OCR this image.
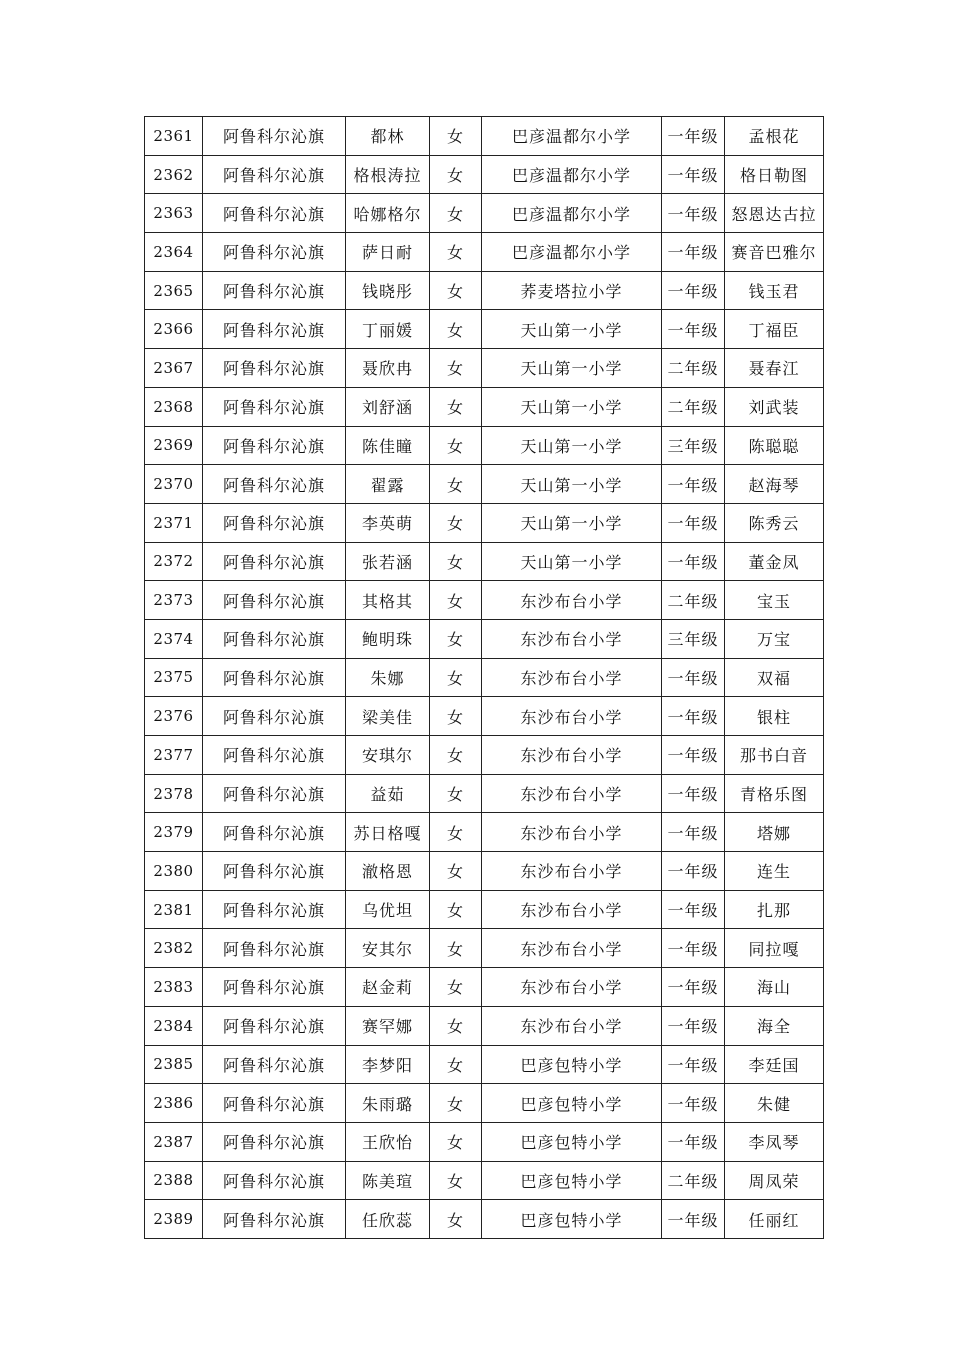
2361	阿鲁科尔沁旗	都林	女	巴彦温都尔小学	一年级	孟根花
2362	阿鲁科尔沁旗	格根涛拉	女	巴彦温都尔小学	一年级	格日勒图
2363	阿鲁科尔沁旗	哈娜格尔	女	巴彦温都尔小学	一年级	怒恩达古拉
2364	阿鲁科尔沁旗	萨日耐	女	巴彦温都尔小学	一年级	赛音巴雅尔
2365	阿鲁科尔沁旗	钱晓彤	女	荞麦塔拉小学	一年级	钱玉君
2366	阿鲁科尔沁旗	丁丽媛	女	天山第一小学	一年级	丁福臣
2367	阿鲁科尔沁旗	聂欣冉	女	天山第一小学	二年级	聂春江
2368	阿鲁科尔沁旗	刘舒涵	女	天山第一小学	二年级	刘武装
2369	阿鲁科尔沁旗	陈佳瞳	女	天山第一小学	三年级	陈聪聪
2370	阿鲁科尔沁旗	翟露	女	天山第一小学	一年级	赵海琴
2371	阿鲁科尔沁旗	李英萌	女	天山第一小学	一年级	陈秀云
2372	阿鲁科尔沁旗	张若涵	女	天山第一小学	一年级	董金凤
2373	阿鲁科尔沁旗	其格其	女	东沙布台小学	二年级	宝玉
2374	阿鲁科尔沁旗	鲍明珠	女	东沙布台小学	三年级	万宝
2375	阿鲁科尔沁旗	朱娜	女	东沙布台小学	一年级	双福
2376	阿鲁科尔沁旗	梁美佳	女	东沙布台小学	一年级	银柱
2377	阿鲁科尔沁旗	安琪尔	女	东沙布台小学	一年级	那书白音
2378	阿鲁科尔沁旗	益茹	女	东沙布台小学	一年级	青格乐图
2379	阿鲁科尔沁旗	苏日格嘎	女	东沙布台小学	一年级	塔娜
2380	阿鲁科尔沁旗	澈格恩	女	东沙布台小学	一年级	连生
2381	阿鲁科尔沁旗	乌优坦	女	东沙布台小学	一年级	扎那
2382	阿鲁科尔沁旗	安其尔	女	东沙布台小学	一年级	同拉嘎
2383	阿鲁科尔沁旗	赵金莉	女	东沙布台小学	一年级	海山
2384	阿鲁科尔沁旗	赛罕娜	女	东沙布台小学	一年级	海全
2385	阿鲁科尔沁旗	李梦阳	女	巴彦包特小学	一年级	李廷国
2386	阿鲁科尔沁旗	朱雨璐	女	巴彦包特小学	一年级	朱健
2387	阿鲁科尔沁旗	王欣怡	女	巴彦包特小学	一年级	李凤琴
2388	阿鲁科尔沁旗	陈美瑄	女	巴彦包特小学	二年级	周凤荣
2389	阿鲁科尔沁旗	任欣蕊	女	巴彦包特小学	一年级	任丽红
